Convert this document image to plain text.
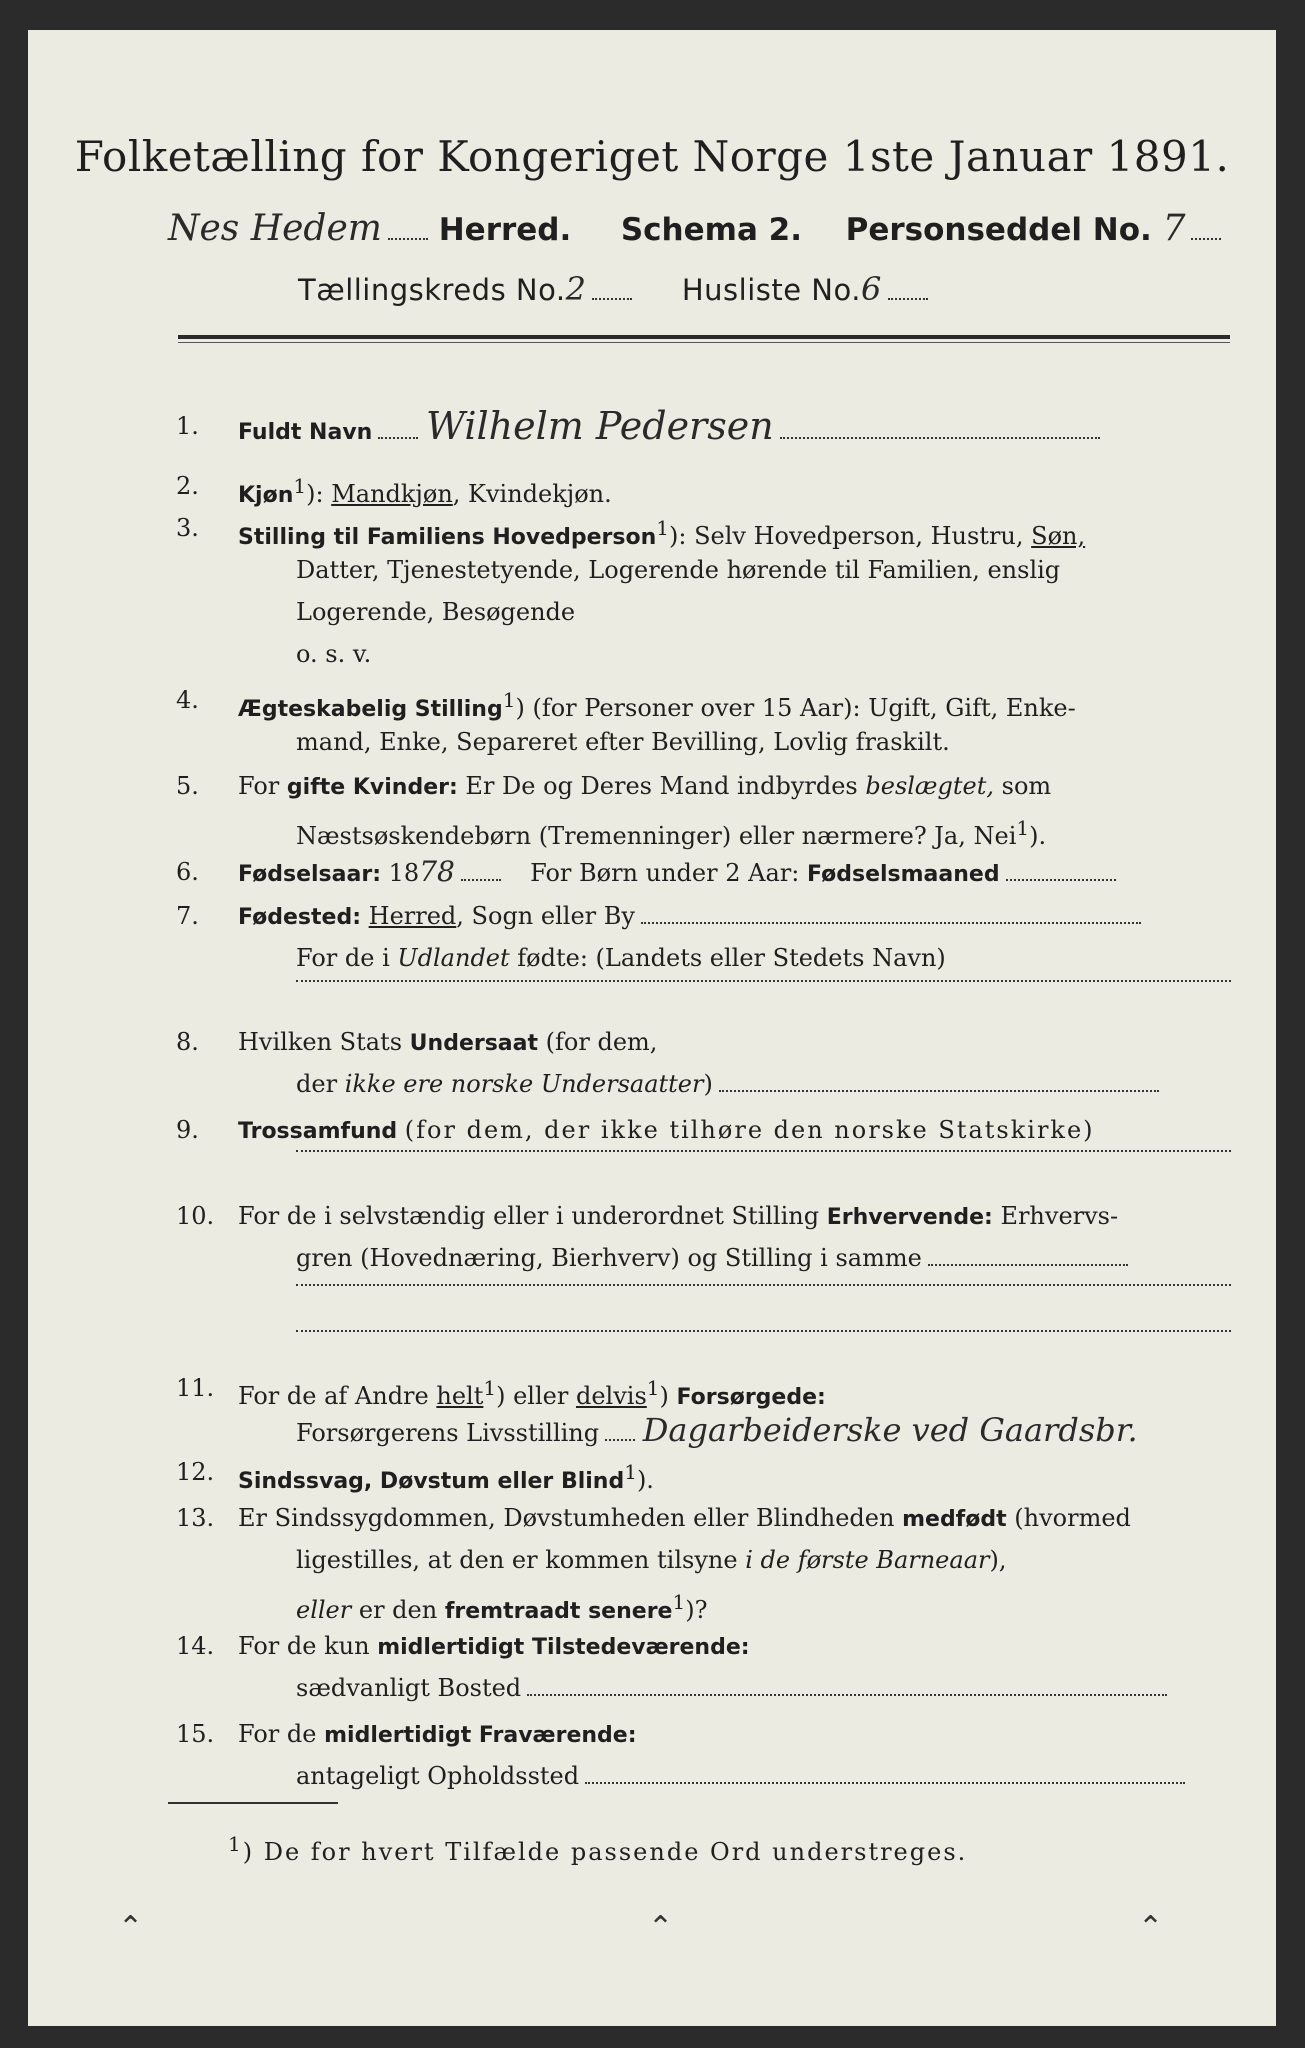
Folketælling for Kongeriget Norge 1ste Januar 1891.
Nes Hedem Herred. Schema 2. Personseddel No. 7
Tællingskreds No.2	Husliste No.6
1.	Fuldt Navn Wilhelm Pedersen
2.	Kjøn$^1$): Mandkjøn, Kvindekjøn.
3.	Stilling til Familiens Hovedperson$^1$): Selv Hovedperson, Hustru, Søn,
Datter, Tjenestetyende, Logerende hørende til Familien, enslig
Logerende, Besøgende
o. s. v.
4.	Ægteskabelig Stilling$^1$) (for Personer over 15 Aar): Ugift, Gift, Enke-
mand, Enke, Separeret efter Bevilling, Lovlig fraskilt.
5.	For gifte Kvinder: Er De og Deres Mand indbyrdes beslægtet, som
Næstsøskendebørn (Tremenninger) eller nærmere? Ja, Nei$^1$).
6.	Fødselsaar: 1878	For Børn under 2 Aar: Fødselsmaaned
7.	Fødested: Herred, Sogn eller By
For de i Udlandet fødte: (Landets eller Stedets Navn)
8.	Hvilken Stats Undersaat (for dem,
der ikke ere norske Undersaatter)
9.	Trossamfund (for dem, der ikke tilhøre den norske Statskirke)
10. For de i selvstændig eller i underordnet Stilling Erhvervende: Erhvervs-
gren (Hovednæring, Bierhverv) og Stilling i samme
11. For de af Andre helt$^1$) eller delvis$^1$) Forsørgede:
Forsørgerens Livsstilling Dagarbeiderske ved Gaardsbr.
12.	Sindssvag, Døvstum eller Blind$^1$).
13. Er Sindssygdommen, Døvstumheden eller Blindheden medfødt (hvormed
ligestilles, at den er kommen tilsyne i de første Barneaar),
eller er den fremtraadt senere$^1$)?
14. For de kun midlertidigt Tilstedeværende:
sædvanligt Bosted
15. For de midlertidigt Fraværende:
antageligt Opholdssted
$^1$) De for hvert Tilfælde passende Ord understreges.
⌃	⌃	⌃
